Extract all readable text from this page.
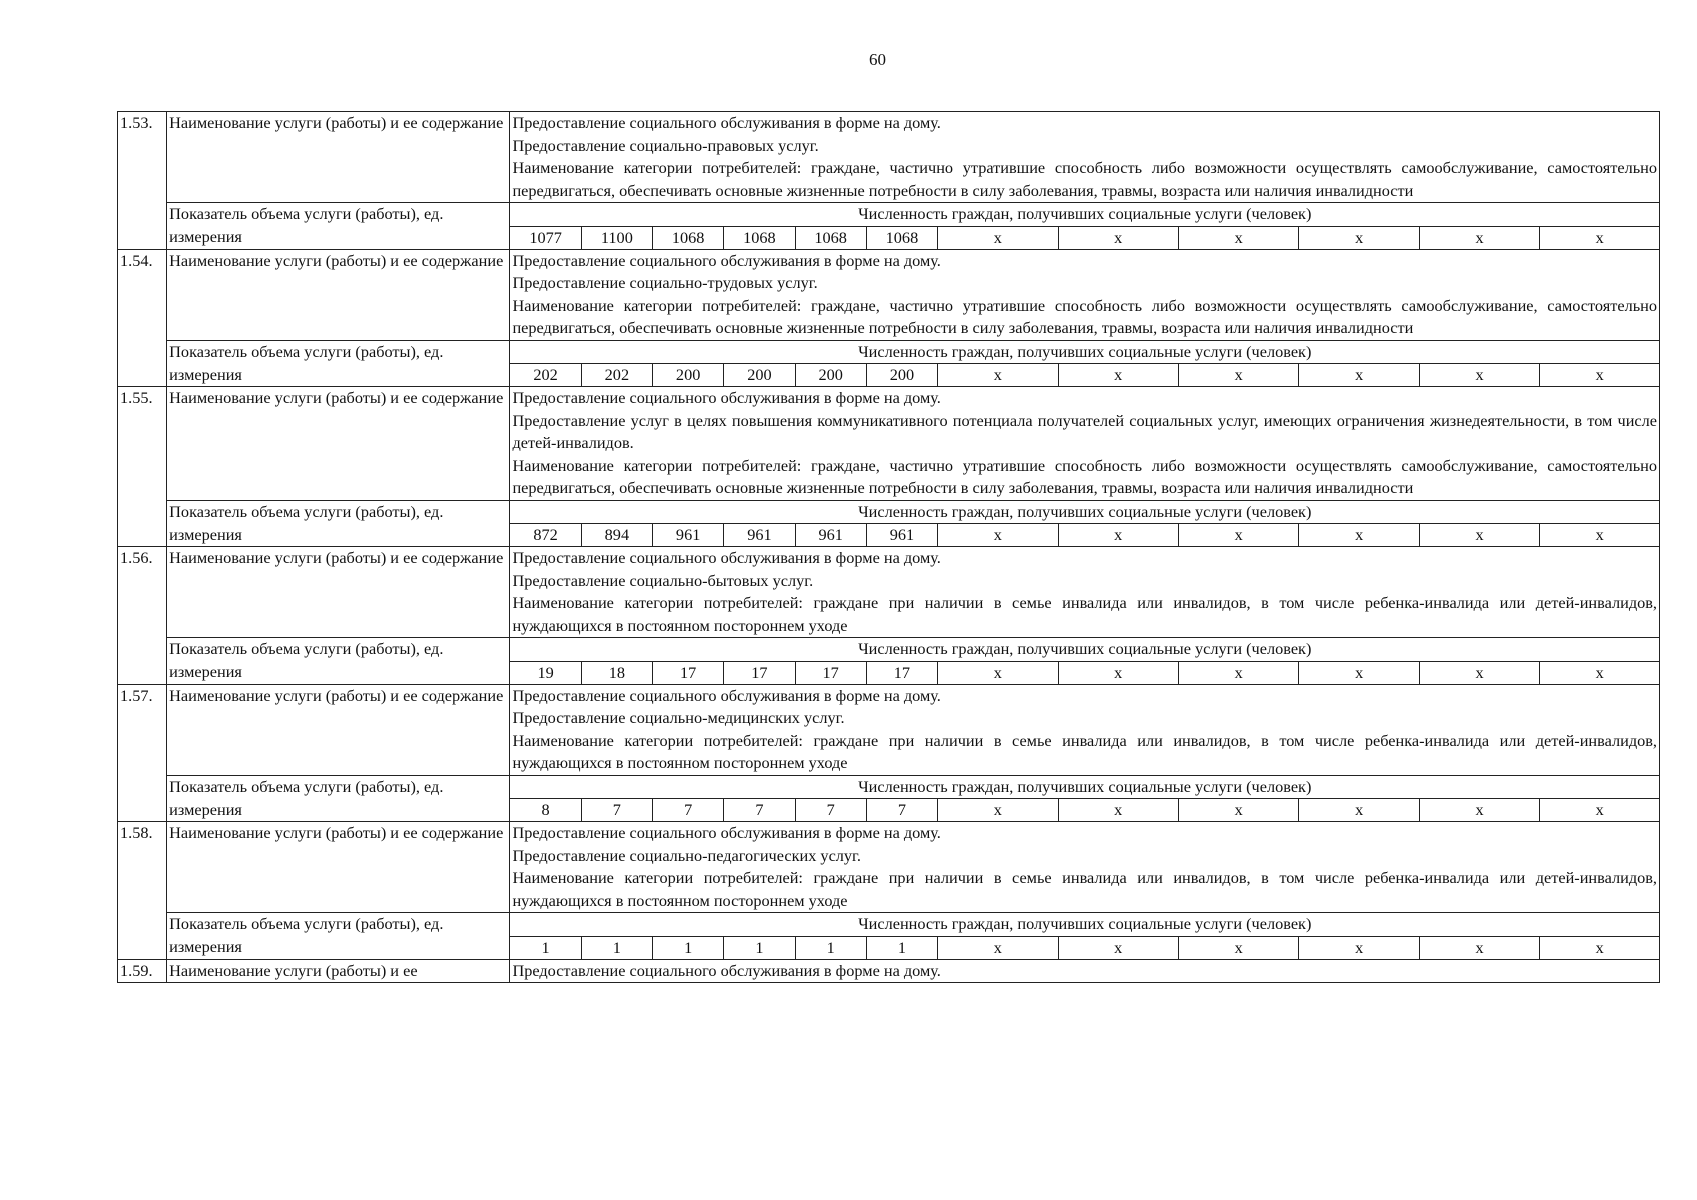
60
1.53.	Наименование услуги (работы) и ее содержание	Предоставление социального обслуживания в форме на дому.
Предоставление социально-правовых услуг.
Наименование категории потребителей: граждане, частично утратившие способность либо возможности осуществлять самообслуживание, самостоятельно передвигаться, обеспечивать основные жизненные потребности в силу заболевания, травмы, возраста или наличия инвалидности											

	Показатель объема услуги (работы), ед.	Численность граждан, получивших социальные услуги (человек)											
	измерения	1077	1100	1068	1068	1068	1068	x	x	x	x	x	x
1.54.	Наименование услуги (работы) и ее содержание	Предоставление социального обслуживания в форме на дому.
Предоставление социально-трудовых услуг.
Наименование категории потребителей: граждане, частично утратившие способность либо возможности осуществлять самообслуживание, самостоятельно передвигаться, обеспечивать основные жизненные потребности в силу заболевания, травмы, возраста или наличия инвалидности											

	Показатель объема услуги (работы), ед.	Численность граждан, получивших социальные услуги (человек)											
	измерения	202	202	200	200	200	200	x	x	x	x	x	x
1.55.	Наименование услуги (работы) и ее содержание	Предоставление социального обслуживания в форме на дому.
Предоставление услуг в целях повышения коммуникативного потенциала получателей социальных услуг, имеющих ограничения жизнедеятельности, в том числе детей-инвалидов.
Наименование категории потребителей: граждане, частично утратившие способность либо возможности осуществлять самообслуживание, самостоятельно передвигаться, обеспечивать основные жизненные потребности в силу заболевания, травмы, возраста или наличия инвалидности											

	Показатель объема услуги (работы), ед.	Численность граждан, получивших социальные услуги (человек)											
	измерения	872	894	961	961	961	961	x	x	x	x	x	x
1.56.	Наименование услуги (работы) и ее содержание	Предоставление социального обслуживания в форме на дому.
Предоставление социально-бытовых услуг.
Наименование категории потребителей: граждане при наличии в семье инвалида или инвалидов, в том числе ребенка-инвалида или детей-инвалидов, нуждающихся в постоянном постороннем уходе											

	Показатель объема услуги (работы), ед.	Численность граждан, получивших социальные услуги (человек)											
	измерения	19	18	17	17	17	17	x	x	x	x	x	x
1.57.	Наименование услуги (работы) и ее содержание	Предоставление социального обслуживания в форме на дому.
Предоставление социально-медицинских услуг.
Наименование категории потребителей: граждане при наличии в семье инвалида или инвалидов, в том числе ребенка-инвалида или детей-инвалидов, нуждающихся в постоянном постороннем уходе											

	Показатель объема услуги (работы), ед.	Численность граждан, получивших социальные услуги (человек)											
	измерения	8	7	7	7	7	7	x	x	x	x	x	x
1.58.	Наименование услуги (работы) и ее содержание	Предоставление социального обслуживания в форме на дому.
Предоставление социально-педагогических услуг.
Наименование категории потребителей: граждане при наличии в семье инвалида или инвалидов, в том числе ребенка-инвалида или детей-инвалидов, нуждающихся в постоянном постороннем уходе											

	Показатель объема услуги (работы), ед.	Численность граждан, получивших социальные услуги (человек)											
	измерения	1	1	1	1	1	1	x	x	x	x	x	x
1.59.	Наименование услуги (работы) и ее	Предоставление социального обслуживания в форме на дому.											
